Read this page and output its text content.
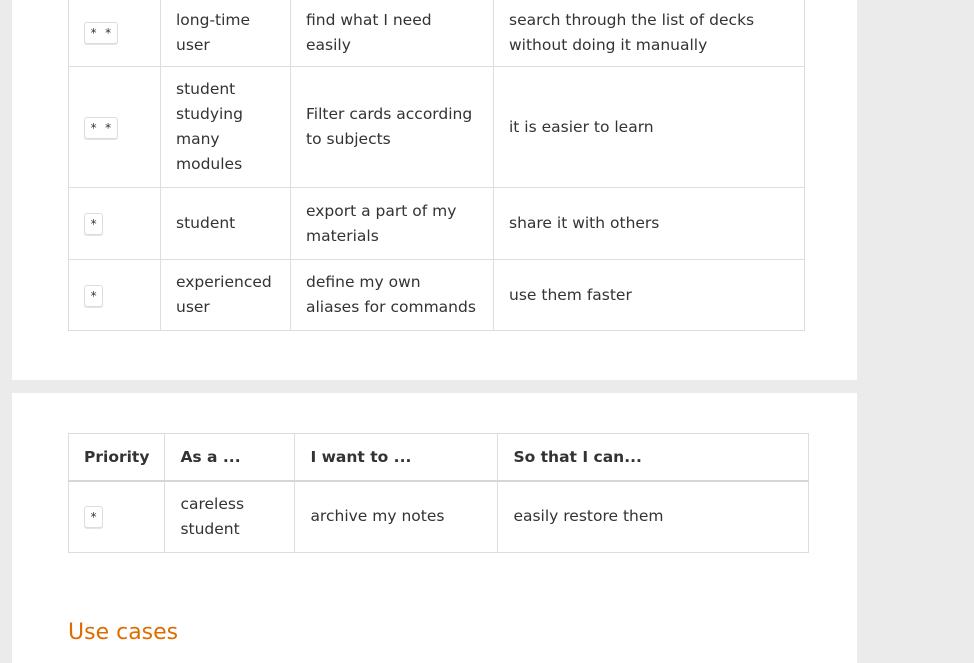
* *	long-time user	find what I need easily	search through the list of decks without doing it manually
* *	student studying many modules	Filter cards according to subjects	it is easier to learn
*	student	export a part of my materials	share it with others
*	experienced user	define my own aliases for commands	use them faster
Priority	As a ...	I want to ...	So that I can...
*	careless student	archive my notes	easily restore them
Use cases
